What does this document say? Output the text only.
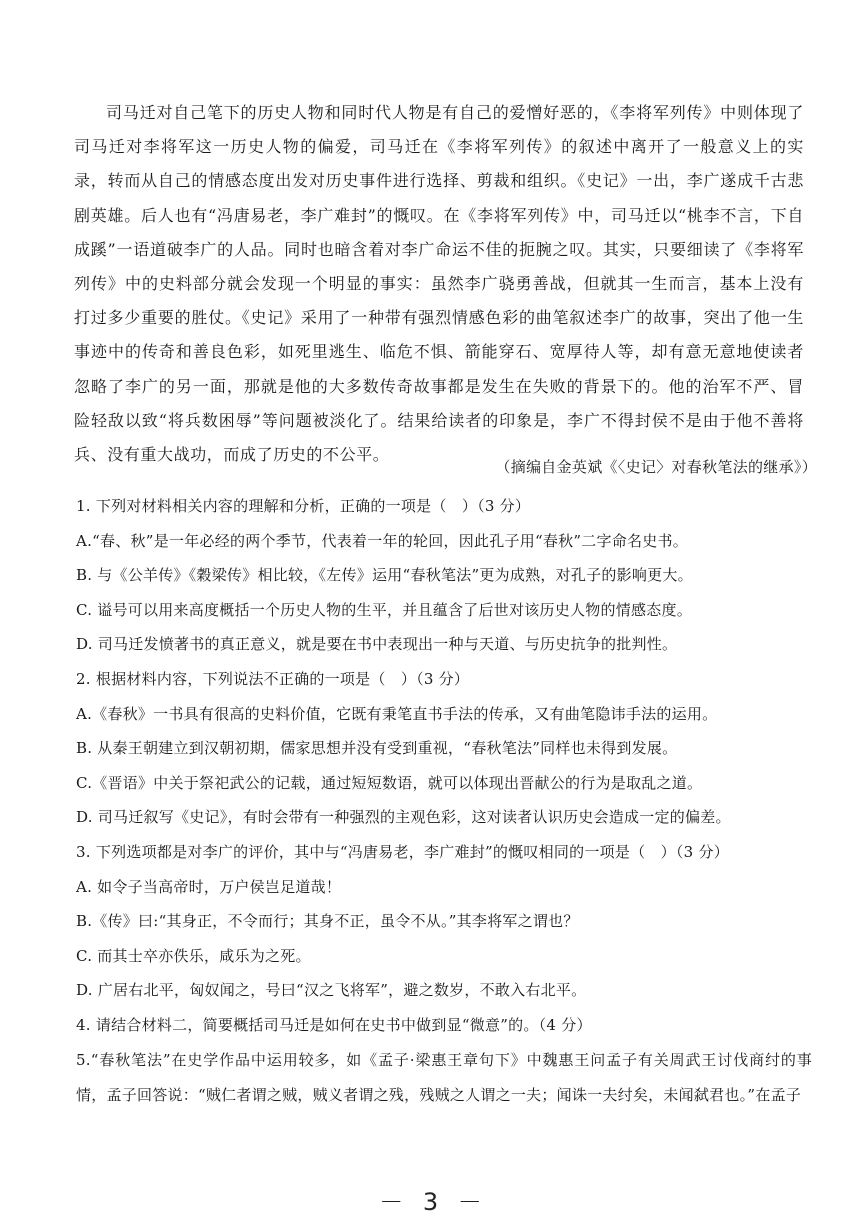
司马迁对自己笔下的历史人物和同时代人物是有自己的爱憎好恶的，《李将军列传》中则体现了司马迁对李将军这一历史人物的偏爱，司马迁在《李将军列传》的叙述中离开了一般意义上的实录，转而从自己的情感态度出发对历史事件进行选择、剪裁和组织。《史记》一出，李广遂成千古悲剧英雄。后人也有“冯唐易老，李广难封”的慨叹。在《李将军列传》中，司马迁以“桃李不言，下自成蹊”一语道破李广的人品。同时也暗含着对李广命运不佳的扼腕之叹。其实，只要细读了《李将军列传》中的史料部分就会发现一个明显的事实：虽然李广骁勇善战，但就其一生而言，基本上没有打过多少重要的胜仗。《史记》采用了一种带有强烈情感色彩的曲笔叙述李广的故事，突出了他一生事迹中的传奇和善良色彩，如死里逃生、临危不惧、箭能穿石、宽厚待人等，却有意无意地使读者忽略了李广的另一面，那就是他的大多数传奇故事都是发生在失败的背景下的。他的治军不严、冒险轻敌以致“将兵数困辱”等问题被淡化了。结果给读者的印象是，李广不得封侯不是由于他不善将兵、没有重大战功，而成了历史的不公平。

（摘编自金英斌《〈史记〉对春秋笔法的继承》）
1. 下列对材料相关内容的理解和分析，正确的一项是（　）（3 分）
A.“春、秋”是一年必经的两个季节，代表着一年的轮回，因此孔子用“春秋”二字命名史书。
B. 与《公羊传》《穀梁传》相比较，《左传》运用“春秋笔法”更为成熟，对孔子的影响更大。
C. 谥号可以用来高度概括一个历史人物的生平，并且蕴含了后世对该历史人物的情感态度。
D. 司马迁发愤著书的真正意义，就是要在书中表现出一种与天道、与历史抗争的批判性。
2. 根据材料内容，下列说法不正确的一项是（　）（3 分）
A.《春秋》一书具有很高的史料价值，它既有秉笔直书手法的传承，又有曲笔隐讳手法的运用。
B. 从秦王朝建立到汉朝初期，儒家思想并没有受到重视，“春秋笔法”同样也未得到发展。
C.《晋语》中关于祭祀武公的记载，通过短短数语，就可以体现出晋献公的行为是取乱之道。
D. 司马迁叙写《史记》，有时会带有一种强烈的主观色彩，这对读者认识历史会造成一定的偏差。
3. 下列选项都是对李广的评价，其中与“冯唐易老，李广难封”的慨叹相同的一项是（　）（3 分）
A. 如令子当高帝时，万户侯岂足道哉！
B.《传》曰:“其身正，不令而行；其身不正，虽令不从。”其李将军之谓也？
C. 而其士卒亦佚乐，咸乐为之死。
D. 广居右北平，匈奴闻之，号曰“汉之飞将军”，避之数岁，不敢入右北平。
4. 请结合材料二，简要概括司马迁是如何在史书中做到显“微意”的。（4 分）
5.“春秋笔法”在史学作品中运用较多，如《孟子·梁惠王章句下》中魏惠王问孟子有关周武王讨伐商纣的事情，孟子回答说：“贼仁者谓之贼，贼义者谓之残，残贼之人谓之一夫；闻诛一夫纣矣，未闻弑君也。”在孟子
－ 3 －
